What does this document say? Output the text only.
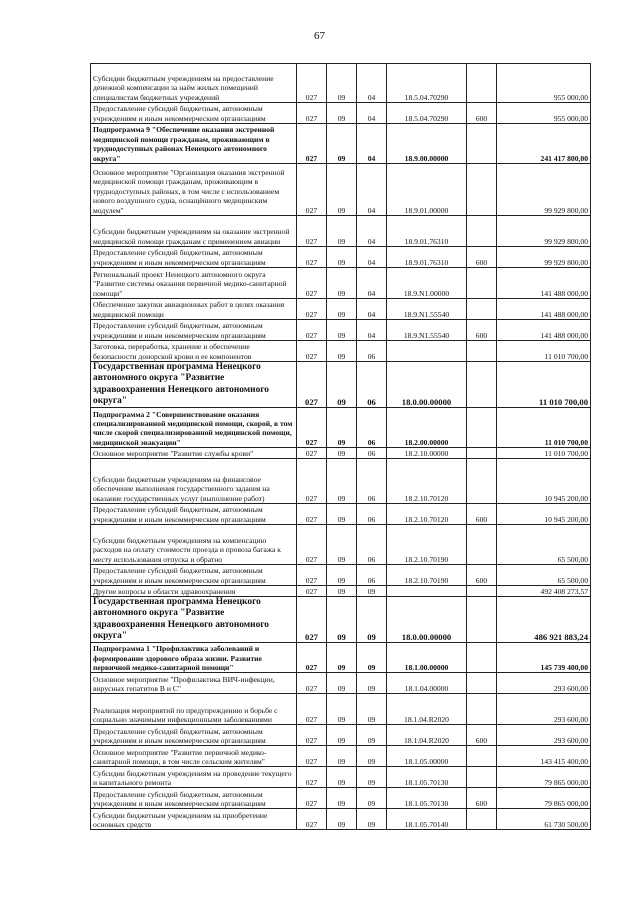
67
Субсидии бюджетным учреждениям на предоставление денежной компенсации за наём жилых помещений специалистам бюджетных учреждений	027	09	04	18.5.04.70290		955 000,00
Предоставление субсидий бюджетным, автономным учреждениям и иным некоммерческим организациям	027	09	04	18.5.04.70290	600	955 000,00
Подпрограмма 9 "Обеспечение оказания экстренной медицинской помощи гражданам, проживающим в труднодоступных районах Ненецкого автономного округа"	027	09	04	18.9.00.00000		241 417 800,00
Основное мероприятие "Организация оказания экстренной медицинской помощи гражданам, проживающим в труднодоступных районах, в том числе с использованием нового воздушного судна, оснащённого медицинским модулем"	027	09	04	18.9.01.00000		99 929 800,00
Субсидии бюджетным учреждениям на оказание экстренной медицинской помощи гражданам с применением авиации	027	09	04	18.9.01.76310		99 929 800,00
Предоставление субсидий бюджетным, автономным учреждениям и иным некоммерческим организациям	027	09	04	18.9.01.76310	600	99 929 800,00
Региональный проект Ненецкого автономного округа "Развитие системы оказания первичной медико-санитарной помощи"	027	09	04	18.9.N1.00000		141 488 000,00
Обеспечение закупки авиационных работ в целях оказания медицинской помощи	027	09	04	18.9.N1.55540		141 488 000,00
Предоставление субсидий бюджетным, автономным учреждениям и иным некоммерческим организациям	027	09	04	18.9.N1.55540	600	141 488 000,00
Заготовка, переработка, хранение и обеспечение безопасности донорской крови и ее компонентов	027	09	06			11 010 700,00
Государственная программа Ненецкого автономного округа "Развитие здравоохранения Ненецкого автономного округа"	027	09	06	18.0.00.00000		11 010 700,00
Подпрограмма 2 "Совершенствование оказания специализированной медицинской помощи, скорой, в том числе скорой специализированной медицинской помощи, медицинской эвакуации"	027	09	06	18.2.00.00000		11 010 700,00
Основное мероприятие "Развитие службы крови"	027	09	06	18.2.10.00000		11 010 700,00
Субсидии бюджетным учреждениям на финансовое обеспечение выполнения государственного задания на оказание государственных услуг (выполнение работ)	027	09	06	18.2.10.70120		10 945 200,00
Предоставление субсидий бюджетным, автономным учреждениям и иным некоммерческим организациям	027	09	06	18.2.10.70120	600	10 945 200,00
Субсидии бюджетным учреждениям на компенсацию расходов на оплату стоимости проезда и провоза багажа к месту использования отпуска и обратно	027	09	06	18.2.10.70190		65 500,00
Предоставление субсидий бюджетным, автономным учреждениям и иным некоммерческим организациям	027	09	06	18.2.10.70190	600	65 500,00
Другие вопросы в области здравоохранения	027	09	09			492 408 273,57
Государственная программа Ненецкого автономного округа "Развитие здравоохранения Ненецкого автономного округа"	027	09	09	18.0.00.00000		486 921 883,24
Подпрограмма 1 "Профилактика заболеваний и формирование здорового образа жизни. Развитие первичной медико-санитарной помощи"	027	09	09	18.1.00.00000		145 739 400,00
Основное мероприятие "Профилактика ВИЧ-инфекции, вирусных гепатитов В и С"	027	09	09	18.1.04.00000		293 600,00
Реализация мероприятий по предупреждению и борьбе с социально значимыми инфекционными заболеваниями	027	09	09	18.1.04.R2020		293 600,00
Предоставление субсидий бюджетным, автономным учреждениям и иным некоммерческим организациям	027	09	09	18.1.04.R2020	600	293 600,00
Основное мероприятие "Развитие первичной медико-санитарной помощи, в том числе сельским жителям"	027	09	09	18.1.05.00000		143 415 400,00
Субсидии бюджетным учреждениям на проведение текущего и капитального ремонта	027	09	09	18.1.05.70130		79 865 000,00
Предоставление субсидий бюджетным, автономным учреждениям и иным некоммерческим организациям	027	09	09	18.1.05.70130	600	79 865 000,00
Субсидии бюджетным учреждениям на приобретение основных средств	027	09	09	18.1.05.70140		61 730 500,00
